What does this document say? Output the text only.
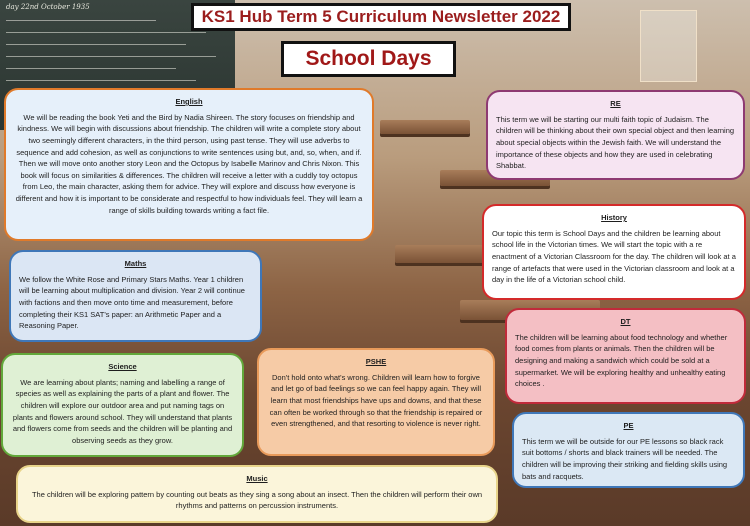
day 22nd October 1935	KS1 Hub Term 5 Curriculum Newsletter 2022
School Days
English

We will be reading the book Yeti and the Bird by Nadia Shireen. The story focuses on friendship and kindness. We will begin with discussions about friendship. The children will write a complete story about two seemingly different characters, in the third person, using past tense. They will use adverbs to sequence and add cohesion, as well as conjunctions to write sentences using but, and, so, when, and if. Then we will move onto another story Leon and the Octopus by Isabelle Marinov and Chris Nixon. This book will focus on similarities & differences. The children will receive a letter with a cuddly toy octopus from Leo, the main character, asking them for advice. They will explore and discuss how everyone is different and how it is important to be considerate and respectful to how individuals feel. They will learn a range of skills building towards writing a fact file.

RE

This term we will be starting our multi faith topic of Judaism. The children will be thinking about their own special object and then learning about special objects within the Jewish faith. We will understand the importance of these objects and how they are used in celebrating Shabbat.

History

Our topic this term is School Days and the children be learning about school life in the Victorian times. We will start the topic with a re enactment of a Victorian Classroom for the day. The children will look at a range of artefacts that were used in the Victorian classroom and look at a day in the life of a Victorian school child.

Maths

We follow the White Rose and Primary Stars Maths. Year 1 children will be learning about multiplication and division. Year 2 will continue with factions and then move onto time and measurement, before completing their KS1 SAT's paper: an Arithmetic Paper and a Reasoning Paper.	DT

The children will be learning about food technology and whether food comes from plants or animals. Then the children will be designing and making a sandwich which could be sold at a supermarket. We will be exploring healthy and unhealthy eating choices .

Science

We are learning about plants; naming and labelling a range of species as well as explaining the parts of a plant and flower. The children will explore our outdoor area and put naming tags on plants and flowers around school. They will understand that plants and flowers come from seeds and the children will be planting and observing seeds as they grow.

PSHE

Don't hold onto what's wrong. Children will learn how to forgive and let go of bad feelings so we can feel happy again. They will learn that most friendships have ups and downs, and that these can often be worked through so that the friendship is repaired or even strengthened, and that resorting to violence is never right.	PE

This term we will be outside for our PE lessons so black rack suit bottoms / shorts and black trainers will be needed. The children will be improving their striking and fielding skills using bats and racquets.

Music

The children will be exploring pattern by counting out beats as they sing a song about an insect. Then the children will perform their own rhythms and patterns on percussion instruments.
